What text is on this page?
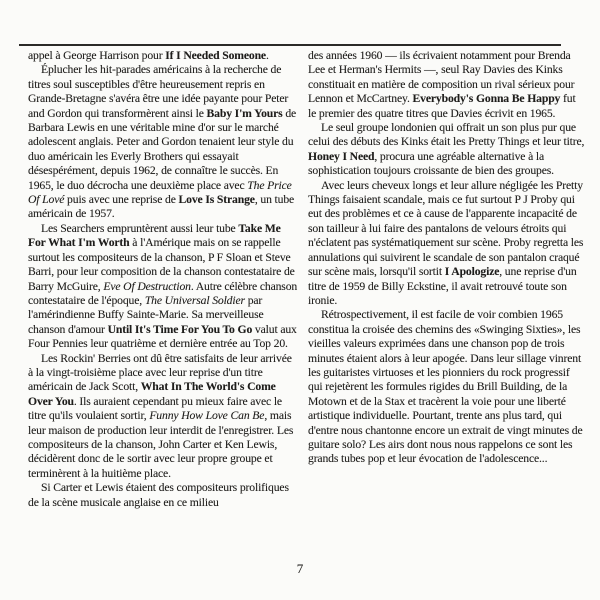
appel à George Harrison pour If I Needed Someone.

Éplucher les hit-parades américains à la recherche de titres soul susceptibles d'être heureusement repris en Grande-Bretagne s'avéra être une idée payante pour Peter and Gordon qui transformèrent ainsi le Baby I'm Yours de Barbara Lewis en une véritable mine d'or sur le marché adolescent anglais. Peter and Gordon tenaient leur style du duo américain les Everly Brothers qui essayait désespérément, depuis 1962, de connaître le succès. En 1965, le duo décrocha une deuxième place avec The Price Of Lové puis avec une reprise de Love Is Strange, un tube américain de 1957.

Les Searchers empruntèrent aussi leur tube Take Me For What I'm Worth à l'Amérique mais on se rappelle surtout les compositeurs de la chanson, P F Sloan et Steve Barri, pour leur composition de la chanson contestataire de Barry McGuire, Eve Of Destruction. Autre célèbre chanson contestataire de l'époque, The Universal Soldier par l'amérindienne Buffy Sainte-Marie. Sa merveilleuse chanson d'amour Until It's Time For You To Go valut aux Four Pennies leur quatrième et dernière entrée au Top 20.

Les Rockin' Berries ont dû être satisfaits de leur arrivée à la vingt-troisième place avec leur reprise d'un titre américain de Jack Scott, What In The World's Come Over You. Ils auraient cependant pu mieux faire avec le titre qu'ils voulaient sortir, Funny How Love Can Be, mais leur maison de production leur interdit de l'enregistrer. Les compositeurs de la chanson, John Carter et Ken Lewis, décidèrent donc de le sortir avec leur propre groupe et terminèrent à la huitième place.

Si Carter et Lewis étaient des compositeurs prolifiques de la scène musicale anglaise en ce milieu

des années 1960 — ils écrivaient notamment pour Brenda Lee et Herman's Hermits —, seul Ray Davies des Kinks constituait en matière de composition un rival sérieux pour Lennon et McCartney. Everybody's Gonna Be Happy fut le premier des quatre titres que Davies écrivit en 1965.

Le seul groupe londonien qui offrait un son plus pur que celui des débuts des Kinks était les Pretty Things et leur titre, Honey I Need, procura une agréable alternative à la sophistication toujours croissante de bien des groupes.

Avec leurs cheveux longs et leur allure négligée les Pretty Things faisaient scandale, mais ce fut surtout P J Proby qui eut des problèmes et ce à cause de l'apparente incapacité de son tailleur à lui faire des pantalons de velours étroits qui n'éclatent pas systématiquement sur scène. Proby regretta les annulations qui suivirent le scandale de son pantalon craqué sur scène mais, lorsqu'il sortit I Apologize, une reprise d'un titre de 1959 de Billy Eckstine, il avait retrouvé toute son ironie.

Rétrospectivement, il est facile de voir combien 1965 constitua la croisée des chemins des «Swinging Sixties», les vieilles valeurs exprimées dans une chanson pop de trois minutes étaient alors à leur apogée. Dans leur sillage vinrent les guitaristes virtuoses et les pionniers du rock progressif qui rejetèrent les formules rigides du Brill Building, de la Motown et de la Stax et tracèrent la voie pour une liberté artistique individuelle. Pourtant, trente ans plus tard, qui d'entre nous chantonne encore un extrait de vingt minutes de guitare solo? Les airs dont nous nous rappelons ce sont les grands tubes pop et leur évocation de l'adolescence...

7
